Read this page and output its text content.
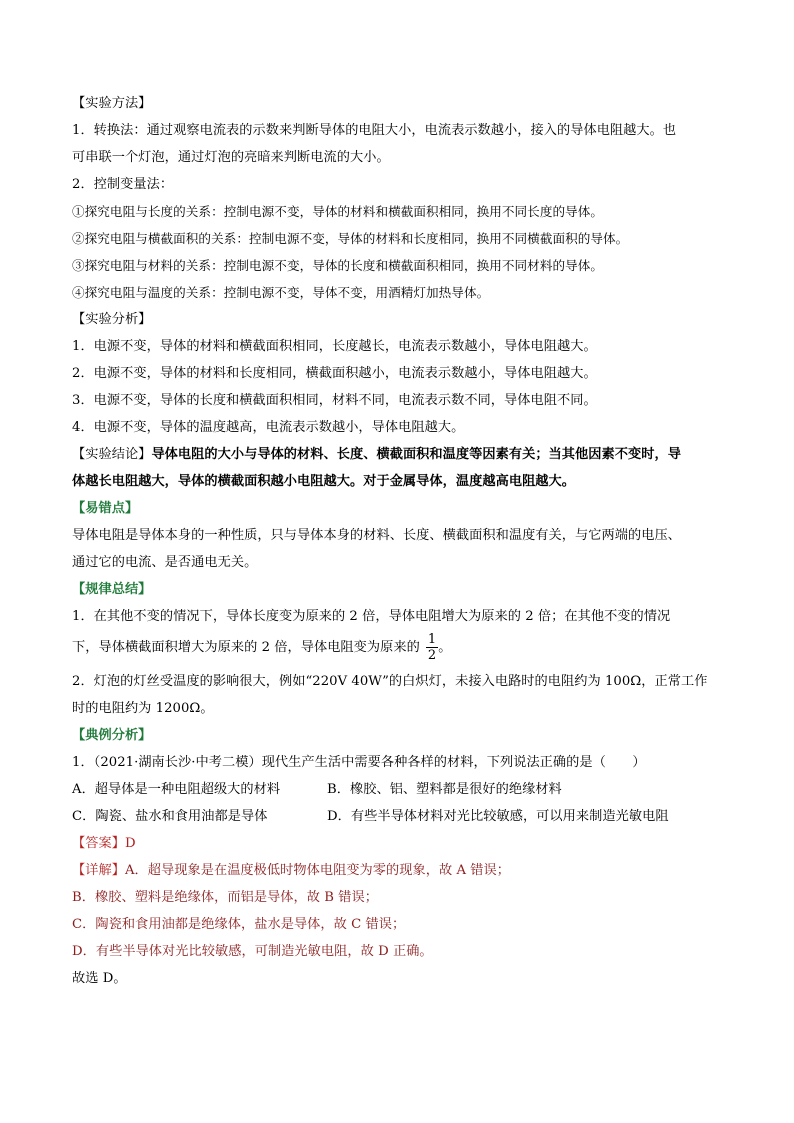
【实验方法】
1．转换法：通过观察电流表的示数来判断导体的电阻大小，电流表示数越小，接入的导体电阻越大。也
可串联一个灯泡，通过灯泡的亮暗来判断电流的大小。
2．控制变量法：
①探究电阻与长度的关系：控制电源不变，导体的材料和横截面积相同，换用不同长度的导体。
②探究电阻与横截面积的关系：控制电源不变，导体的材料和长度相同，换用不同横截面积的导体。
③探究电阻与材料的关系：控制电源不变，导体的长度和横截面积相同，换用不同材料的导体。
④探究电阻与温度的关系：控制电源不变，导体不变，用酒精灯加热导体。
【实验分析】
1．电源不变，导体的材料和横截面积相同，长度越长，电流表示数越小，导体电阻越大。
2．电源不变，导体的材料和长度相同，横截面积越小，电流表示数越小，导体电阻越大。
3．电源不变，导体的长度和横截面积相同，材料不同，电流表示数不同，导体电阻不同。
4．电源不变，导体的温度越高，电流表示数越小，导体电阻越大。
【实验结论】导体电阻的大小与导体的材料、长度、横截面积和温度等因素有关；当其他因素不变时，导
体越长电阻越大，导体的横截面积越小电阻越大。对于金属导体，温度越高电阻越大。
【易错点】
导体电阻是导体本身的一种性质，只与导体本身的材料、长度、横截面积和温度有关，与它两端的电压、
通过它的电流、是否通电无关。
【规律总结】
1．在其他不变的情况下，导体长度变为原来的 2 倍，导体电阻增大为原来的 2 倍；在其他不变的情况
下，导体横截面积增大为原来的 2 倍，导体电阻变为原来的 $\frac{1}{2}$ 。
2．灯泡的灯丝受温度的影响很大，例如“220V 40W”的白炽灯，未接入电路时的电阻约为 100Ω，正常工作
时的电阻约为 1200Ω。
【典例分析】
1．（2021·湖南长沙·中考二模）现代生产生活中需要各种各样的材料，下列说法正确的是（　　）
A．超导体是一种电阻超级大的材料	B．橡胶、铝、塑料都是很好的绝缘材料
C．陶瓷、盐水和食用油都是导体	D．有些半导体材料对光比较敏感，可以用来制造光敏电阻
【答案】D
【详解】A．超导现象是在温度极低时物体电阻变为零的现象，故 A 错误；
B．橡胶、塑料是绝缘体，而铝是导体，故 B 错误；
C．陶瓷和食用油都是绝缘体，盐水是导体，故 C 错误；
D．有些半导体对光比较敏感，可制造光敏电阻，故 D 正确。
故选 D。
